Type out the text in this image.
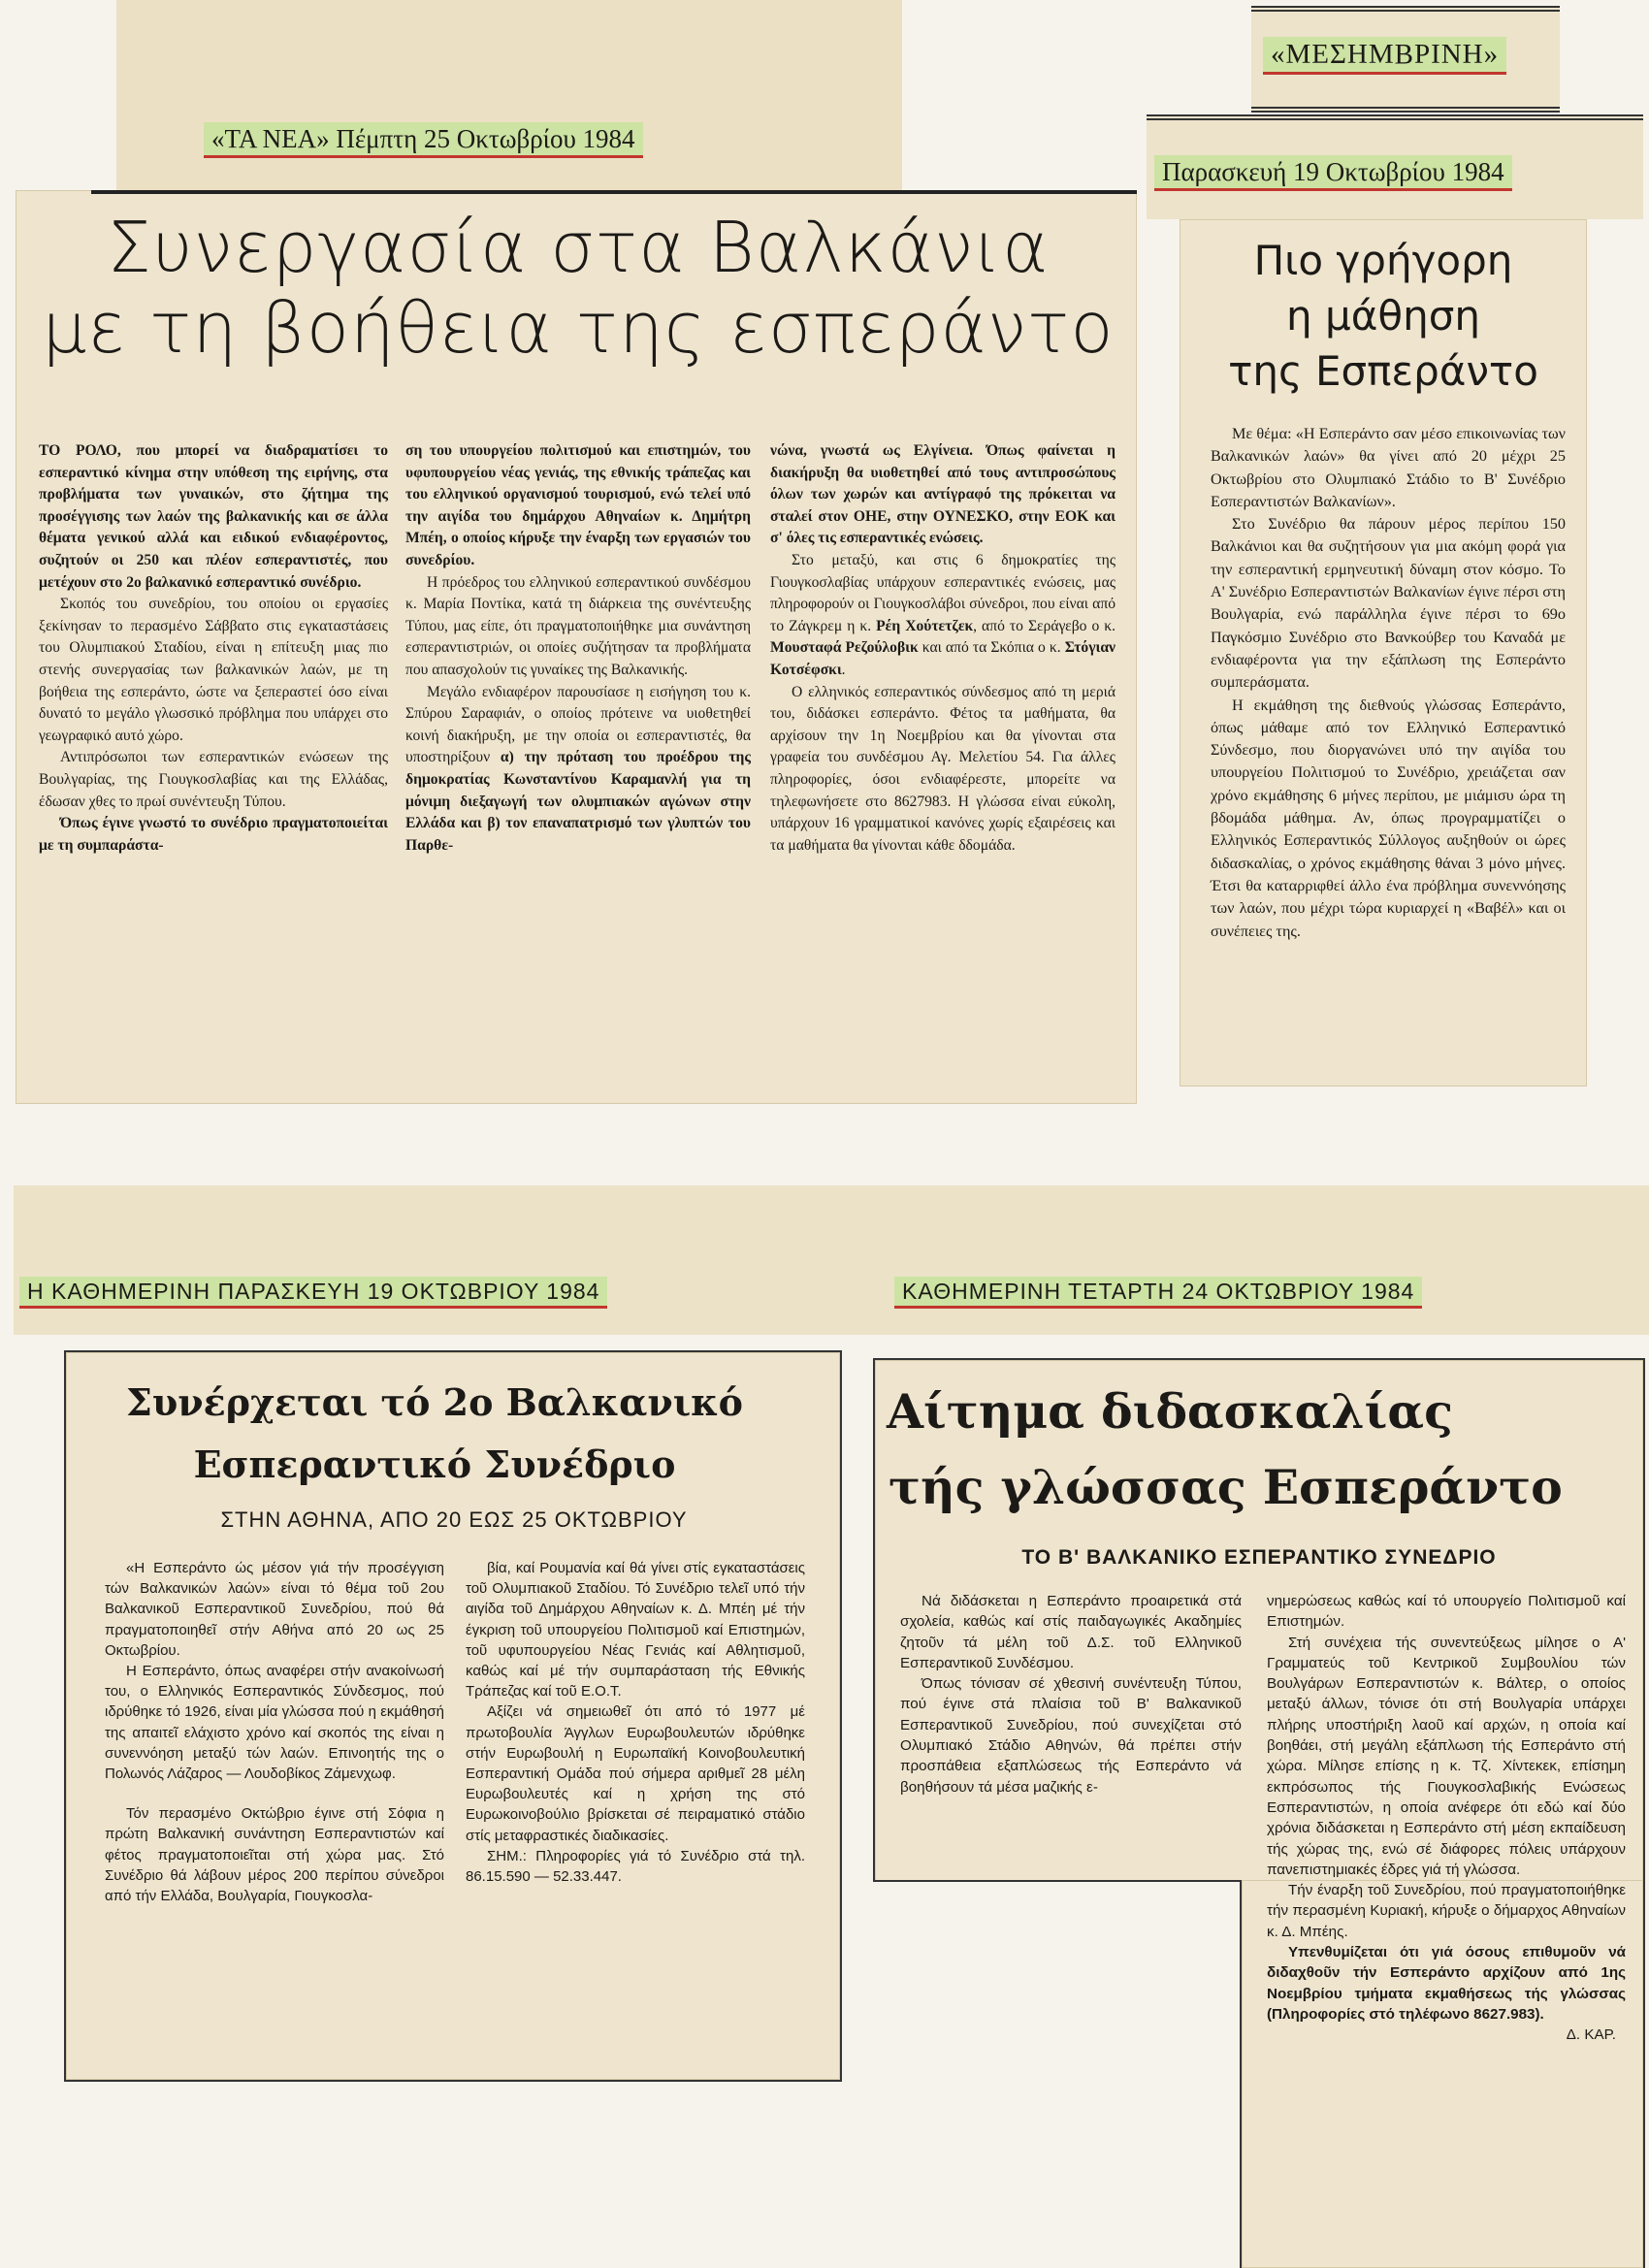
«ΤΑ ΝΕΑ» Πέμπτη 25 Οκτωβρίου 1984
Συνεργασία στα Βαλκάνια
με τη βοήθεια της εσπεράντο

ΤΟ ΡΟΛΟ, που μπορεί να διαδραματίσει το εσπεραντικό κίνημα στην υπόθεση της ειρήνης, στα προβλήματα των γυναικών, στο ζήτημα της προσέγγισης των λαών της βαλκανικής και σε άλλα θέματα γενικού αλλά και ειδικού ενδιαφέροντος, συζητούν οι 250 και πλέον εσπεραντιστές, που μετέχουν στο 2ο βαλκανικό εσπεραντικό συνέδριο.

Σκοπός του συνεδρίου, του οποίου οι εργασίες ξεκίνησαν το περασμένο Σάββατο στις εγκαταστάσεις του Ολυμπιακού Σταδίου, είναι η επίτευξη μιας πιο στενής συνεργασίας των βαλκανικών λαών, με τη βοήθεια της εσπεράντο, ώστε να ξεπεραστεί όσο είναι δυνατό το μεγάλο γλωσσικό πρόβλημα που υπάρχει στο γεωγραφικό αυτό χώρο.

Αντιπρόσωποι των εσπεραντικών ενώσεων της Βουλγαρίας, της Γιουγκοσλαβίας και της Ελλάδας, έδωσαν χθες το πρωί συνέντευξη Τύπου.

Όπως έγινε γνωστό το συνέδριο πραγματοποιείται με τη συμπαράστα-

ση του υπουργείου πολιτισμού και επιστημών, του υφυπουργείου νέας γενιάς, της εθνικής τράπεζας και του ελληνικού οργανισμού τουρισμού, ενώ τελεί υπό την αιγίδα του δημάρχου Αθηναίων κ. Δημήτρη Μπέη, ο οποίος κήρυξε την έναρξη των εργασιών του συνεδρίου.

Η πρόεδρος του ελληνικού εσπεραντικού συνδέσμου κ. Μαρία Ποντίκα, κατά τη διάρκεια της συνέντευξης Τύπου, μας είπε, ότι πραγματοποιήθηκε μια συνάντηση εσπεραντιστριών, οι οποίες συζήτησαν τα προβλήματα που απασχολούν τις γυναίκες της Βαλκανικής.

Μεγάλο ενδιαφέρον παρουσίασε η εισήγηση του κ. Σπύρου Σαραφιάν, ο οποίος πρότεινε να υιοθετηθεί κοινή διακήρυξη, με την οποία οι εσπεραντιστές, θα υποστηρίξουν α) την πρόταση του προέδρου της δημοκρατίας Κωνσταντίνου Καραμανλή για τη μόνιμη διεξαγωγή των ολυμπιακών αγώνων στην Ελλάδα και β) τον επαναπατρισμό των γλυπτών του Παρθε-

νώνα, γνωστά ως Ελγίνεια. Όπως φαίνεται η διακήρυξη θα υιοθετηθεί από τους αντιπροσώπους όλων των χωρών και αντίγραφό της πρόκειται να σταλεί στον ΟΗΕ, στην ΟΥΝΕΣΚΟ, στην ΕΟΚ και σ' όλες τις εσπεραντικές ενώσεις.

Στο μεταξύ, και στις 6 δημοκρατίες της Γιουγκοσλαβίας υπάρχουν εσπεραντικές ενώσεις, μας πληροφορούν οι Γιουγκοσλάβοι σύνεδροι, που είναι από το Ζάγκρεμ η κ. Ρέη Χούτετζεκ, από το Σεράγεβο ο κ. Μουσταφά Ρεζούλοβικ και από τα Σκόπια ο κ. Στόγιαν Κοτσέφσκι.

Ο ελληνικός εσπεραντικός σύνδεσμος από τη μεριά του, διδάσκει εσπεράντο. Φέτος τα μαθήματα, θα αρχίσουν την 1η Νοεμβρίου και θα γίνονται στα γραφεία του συνδέσμου Αγ. Μελετίου 54. Για άλλες πληροφορίες, όσοι ενδιαφέρεστε, μπορείτε να τηλεφωνήσετε στο 8627983. Η γλώσσα είναι εύκολη, υπάρχουν 16 γραμματικοί κανόνες χωρίς εξαιρέσεις και τα μαθήματα θα γίνονται κάθε δδομάδα.

«ΜΕΣΗΜΒΡΙΝΗ»
Παρασκευή 19 Οκτωβρίου 1984
Πιο γρήγορη
η μάθηση
της Εσπεράντο

Με θέμα: «Η Εσπεράντο σαν μέσο επικοινωνίας των Βαλκανικών λαών» θα γίνει από 20 μέχρι 25 Οκτωβρίου στο Ολυμπιακό Στάδιο το Β' Συνέδριο Εσπεραντιστών Βαλκανίων».

Στο Συνέδριο θα πάρουν μέρος περίπου 150 Βαλκάνιοι και θα συζητήσουν για μια ακόμη φορά για την εσπεραντική ερμηνευτική δύναμη στον κόσμο. Το Α' Συνέδριο Εσπεραντιστών Βαλκανίων έγινε πέρσι στη Βουλγαρία, ενώ παράλληλα έγινε πέρσι το 69ο Παγκόσμιο Συνέδριο στο Βανκούβερ του Καναδά με ενδιαφέροντα για την εξάπλωση της Εσπεράντο συμπεράσματα.

Η εκμάθηση της διεθνούς γλώσσας Εσπεράντο, όπως μάθαμε από τον Ελληνικό Εσπεραντικό Σύνδεσμο, που διοργανώνει υπό την αιγίδα του υπουργείου Πολιτισμού το Συνέδριο, χρειάζεται σαν χρόνο εκμάθησης 6 μήνες περίπου, με μιάμισυ ώρα τη βδομάδα μάθημα. Αν, όπως προγραμματίζει ο Ελληνικός Εσπεραντικός Σύλλογος αυξηθούν οι ώρες διδασκαλίας, ο χρόνος εκμάθησης θάναι 3 μόνο μήνες. Έτσι θα καταρριφθεί άλλο ένα πρόβλημα συνεννόησης των λαών, που μέχρι τώρα κυριαρχεί η «Βαβέλ» και οι συνέπειες της.

Η ΚΑΘΗΜΕΡΙΝΗ ΠΑΡΑΣΚΕΥΗ 19 ΟΚΤΩΒΡΙΟΥ 1984	ΚΑΘΗΜΕΡΙΝΗ ΤΕΤΑΡΤΗ 24 ΟΚΤΩΒΡΙΟΥ 1984
Συνέρχεται τό 2ο Βαλκανικό
Εσπεραντικό Συνέδριο
ΣΤΗΝ ΑΘΗΝΑ, ΑΠΟ 20 ΕΩΣ 25 ΟΚΤΩΒΡΙΟΥ

«Η Εσπεράντο ώς μέσον γιά τήν προσέγγιση τών Βαλκανικών λαών» είναι τό θέμα τοῦ 2ου Βαλκανικοῦ Εσπεραντικοῦ Συνεδρίου, πού θά πραγματοποιηθεῖ στήν Αθήνα από 20 ως 25 Οκτωβρίου.

Η Εσπεράντο, όπως αναφέρει στήν ανακοίνωσή του, ο Ελληνικός Εσπεραντικός Σύνδεσμος, πού ιδρύθηκε τό 1926, είναι μία γλώσσα πού η εκμάθησή της απαιτεῖ ελάχιστο χρόνο καί σκοπός της είναι η συνεννόηση μεταξύ τών λαών. Επινοητής της ο Πολωνός Λάζαρος — Λουδοβίκος Ζάμενχωφ.

Τόν περασμένο Οκτώβριο έγινε στή Σόφια η πρώτη Βαλκανική συνάντηση Εσπεραντιστών καί φέτος πραγματοποιεῖται στή χώρα μας. Στό Συνέδριο θά λάβουν μέρος 200 περίπου σύνεδροι από τήν Ελλάδα, Βουλγαρία, Γιουγκοσλα-

βία, καί Ρουμανία καί θά γίνει στίς εγκαταστάσεις τοῦ Ολυμπιακοῦ Σταδίου. Τό Συνέδριο τελεῖ υπό τήν αιγίδα τοῦ Δημάρχου Αθηναίων κ. Δ. Μπέη μέ τήν έγκριση τοῦ υπουργείου Πολιτισμοῦ καί Επιστημών, τοῦ υφυπουργείου Νέας Γενιάς καί Αθλητισμοῦ, καθώς καί μέ τήν συμπαράσταση τής Εθνικής Τράπεζας καί τοῦ Ε.Ο.Τ.

Αξίζει νά σημειωθεῖ ότι από τό 1977 μέ πρωτοβουλία Άγγλων Ευρωβουλευτών ιδρύθηκε στήν Ευρωβουλή η Ευρωπαϊκή Κοινοβουλευτική Εσπεραντική Ομάδα πού σήμερα αριθμεῖ 28 μέλη Ευρωβουλευτές καί η χρήση της στό Ευρωκοινοβούλιο βρίσκεται σέ πειραματικό στάδιο στίς μεταφραστικές διαδικασίες.

ΣΗΜ.: Πληροφορίες γιά τό Συνέδριο στά τηλ. 86.15.590 — 52.33.447.

Αίτημα διδασκαλίας
τής γλώσσας Εσπεράντο
ΤΟ Β' ΒΑΛΚΑΝΙΚΟ ΕΣΠΕΡΑΝΤΙΚΟ ΣΥΝΕΔΡΙΟ

Νά διδάσκεται η Εσπεράντο προαιρετικά στά σχολεία, καθώς καί στίς παιδαγωγικές Ακαδημίες ζητοῦν τά μέλη τοῦ Δ.Σ. τοῦ Ελληνικοῦ Εσπεραντικοῦ Συνδέσμου.

Όπως τόνισαν σέ χθεσινή συνέντευξη Τύπου, πού έγινε στά πλαίσια τοῦ Β' Βαλκανικοῦ Εσπεραντικοῦ Συνεδρίου, πού συνεχίζεται στό Ολυμπιακό Στάδιο Αθηνών, θά πρέπει στήν προσπάθεια εξαπλώσεως τής Εσπεράντο νά βοηθήσουν τά μέσα μαζικής ε-

νημερώσεως καθώς καί τό υπουργείο Πολιτισμοῦ καί Επιστημών.

Στή συνέχεια τής συνεντεύξεως μίλησε ο Α' Γραμματεύς τοῦ Κεντρικοῦ Συμβουλίου τών Βουλγάρων Εσπεραντιστών κ. Βάλτερ, ο οποίος μεταξύ άλλων, τόνισε ότι στή Βουλγαρία υπάρχει πλήρης υποστήριξη λαοῦ καί αρχών, η οποία καί βοηθάει, στή μεγάλη εξάπλωση τής Εσπεράντο στή χώρα. Μίλησε επίσης η κ. Τζ. Χίντεκεκ, επίσημη εκπρόσωπος τής Γιουγκοσλαβικής Ενώσεως Εσπεραντιστών, η οποία ανέφερε ότι εδώ καί δύο χρόνια διδάσκεται η Εσπεράντο στή μέση εκπαίδευση τής χώρας της, ενώ σέ διάφορες πόλεις υπάρχουν πανεπιστημιακές έδρες γιά τή γλώσσα.

Τήν έναρξη τοῦ Συνεδρίου, πού πραγματοποιήθηκε τήν περασμένη Κυριακή, κήρυξε ο δήμαρχος Αθηναίων κ. Δ. Μπέης.

Υπενθυμίζεται ότι γιά όσους επιθυμοῦν νά διδαχθοῦν τήν Εσπεράντο αρχίζουν από 1ης Νοεμβρίου τμήματα εκμαθήσεως τής γλώσσας (Πληροφορίες στό τηλέφωνο 8627.983).

Δ. ΚΑΡ.
